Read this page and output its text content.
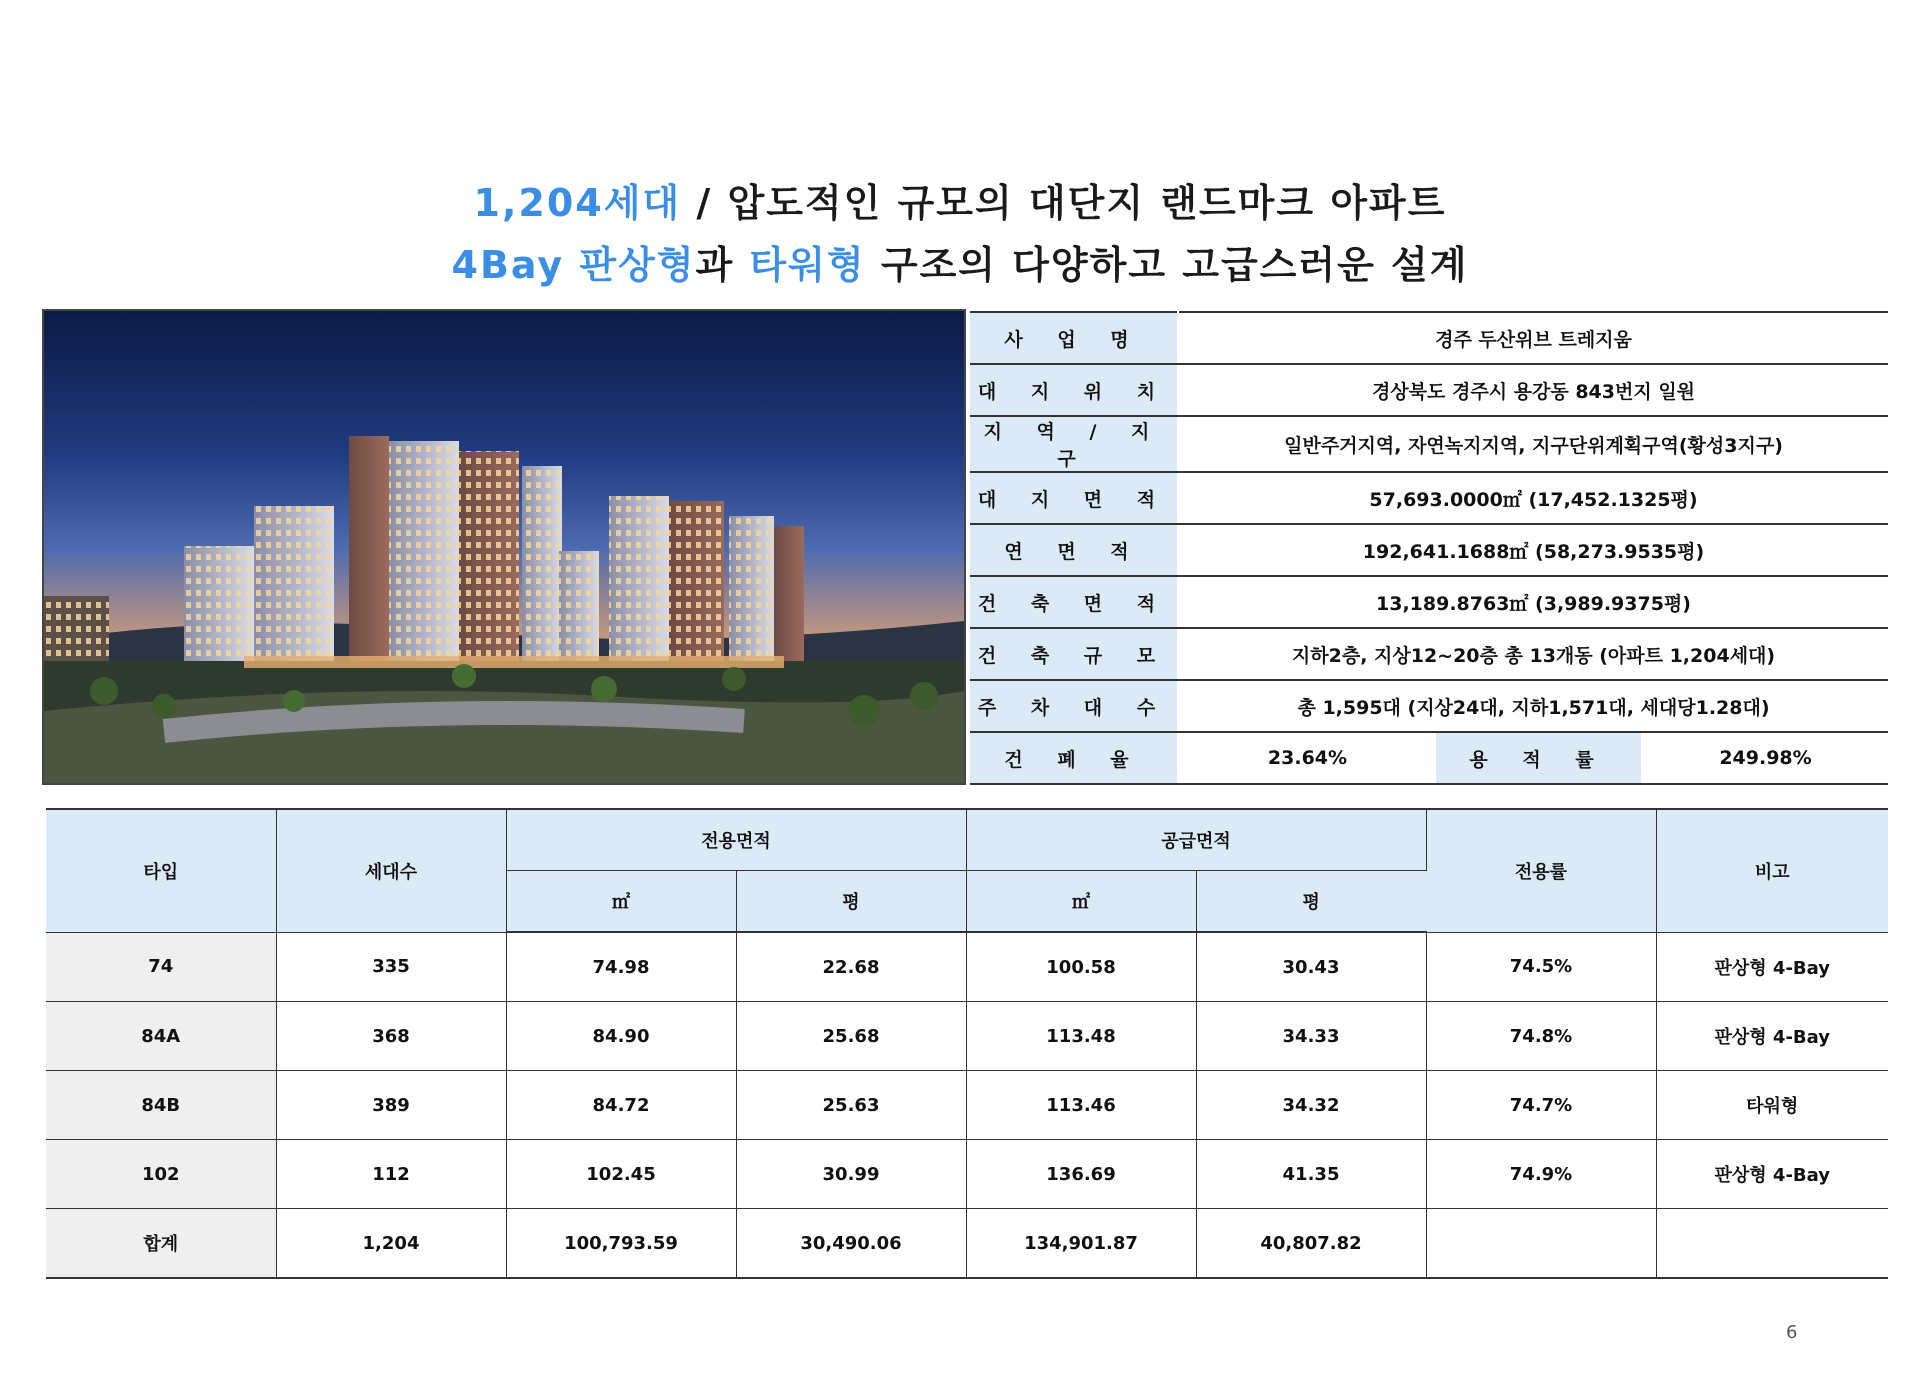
1,204세대 / 압도적인 규모의 대단지 랜드마크 아파트
4Bay 판상형과 타워형 구조의 다양하고 고급스러운 설계
사 업 명	경주 두산위브 트레지움		
대 지 위 치	경상북도 경주시 용강동 843번지 일원		
지 역 / 지 구	일반주거지역, 자연녹지지역, 지구단위계획구역(황성3지구)		
대 지 면 적	57,693.0000㎡ (17,452.1325평)		
연 면 적	192,641.1688㎡ (58,273.9535평)		
건 축 면 적	13,189.8763㎡ (3,989.9375평)		
건 축 규 모	지하2층, 지상12~20층 총 13개동 (아파트 1,204세대)		
주 차 대 수	총 1,595대 (지상24대, 지하1,571대, 세대당1.28대)		
건 폐 율	23.64%	용 적 률	249.98%
타입	세대수	전용면적		공급면적		전용률	비고
		㎡	평	㎡	평		
74	335	74.98	22.68	100.58	30.43	74.5%	판상형 4-Bay
84A	368	84.90	25.68	113.48	34.33	74.8%	판상형 4-Bay
84B	389	84.72	25.63	113.46	34.32	74.7%	타워형
102	112	102.45	30.99	136.69	41.35	74.9%	판상형 4-Bay
합계	1,204	100,793.59	30,490.06	134,901.87	40,807.82		
6
